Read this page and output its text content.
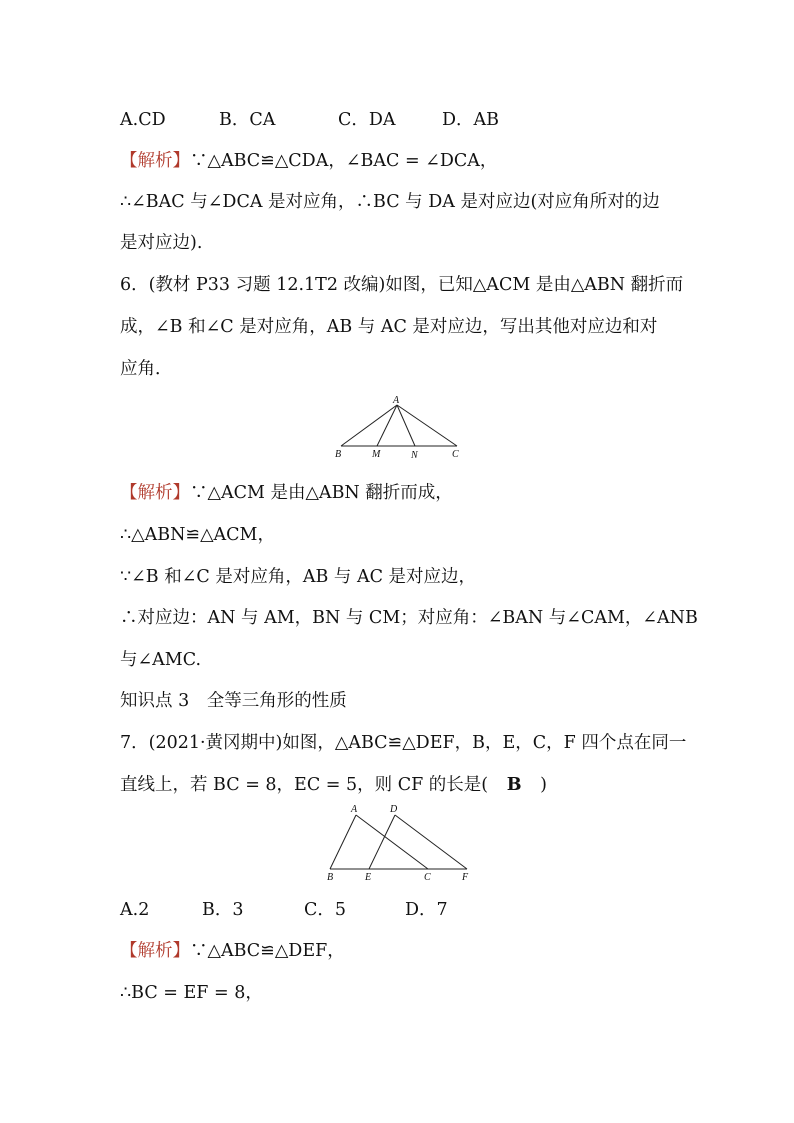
A.CD	B．CA	C．DA	D．AB
【解析】∵△ABC≌△CDA，∠BAC = ∠DCA，
∴∠BAC 与∠DCA 是对应角，∴BC 与 DA 是对应边(对应角所对的边
是对应边).
6．(教材 P33 习题 12.1T2 改编)如图，已知△ACM 是由△ABN 翻折而
成，∠B 和∠C 是对应角，AB 与 AC 是对应边，写出其他对应边和对
应角．
A
B	M	N	C
【解析】∵△ACM 是由△ABN 翻折而成，
∴△ABN≌△ACM，
∵∠B 和∠C 是对应角，AB 与 AC 是对应边，
∴对应边：AN 与 AM，BN 与 CM；对应角：∠BAN 与∠CAM，∠ANB
与∠AMC.
知识点 3　全等三角形的性质
7．(2021·黄冈期中)如图，△ABC≌△DEF，B，E，C，F 四个点在同一
直线上，若 BC = 8，EC = 5，则 CF 的长是( B )
A	D
B	E	C	F
A.2	B．3	C．5	D．7
【解析】∵△ABC≌△DEF，
∴BC = EF = 8，
